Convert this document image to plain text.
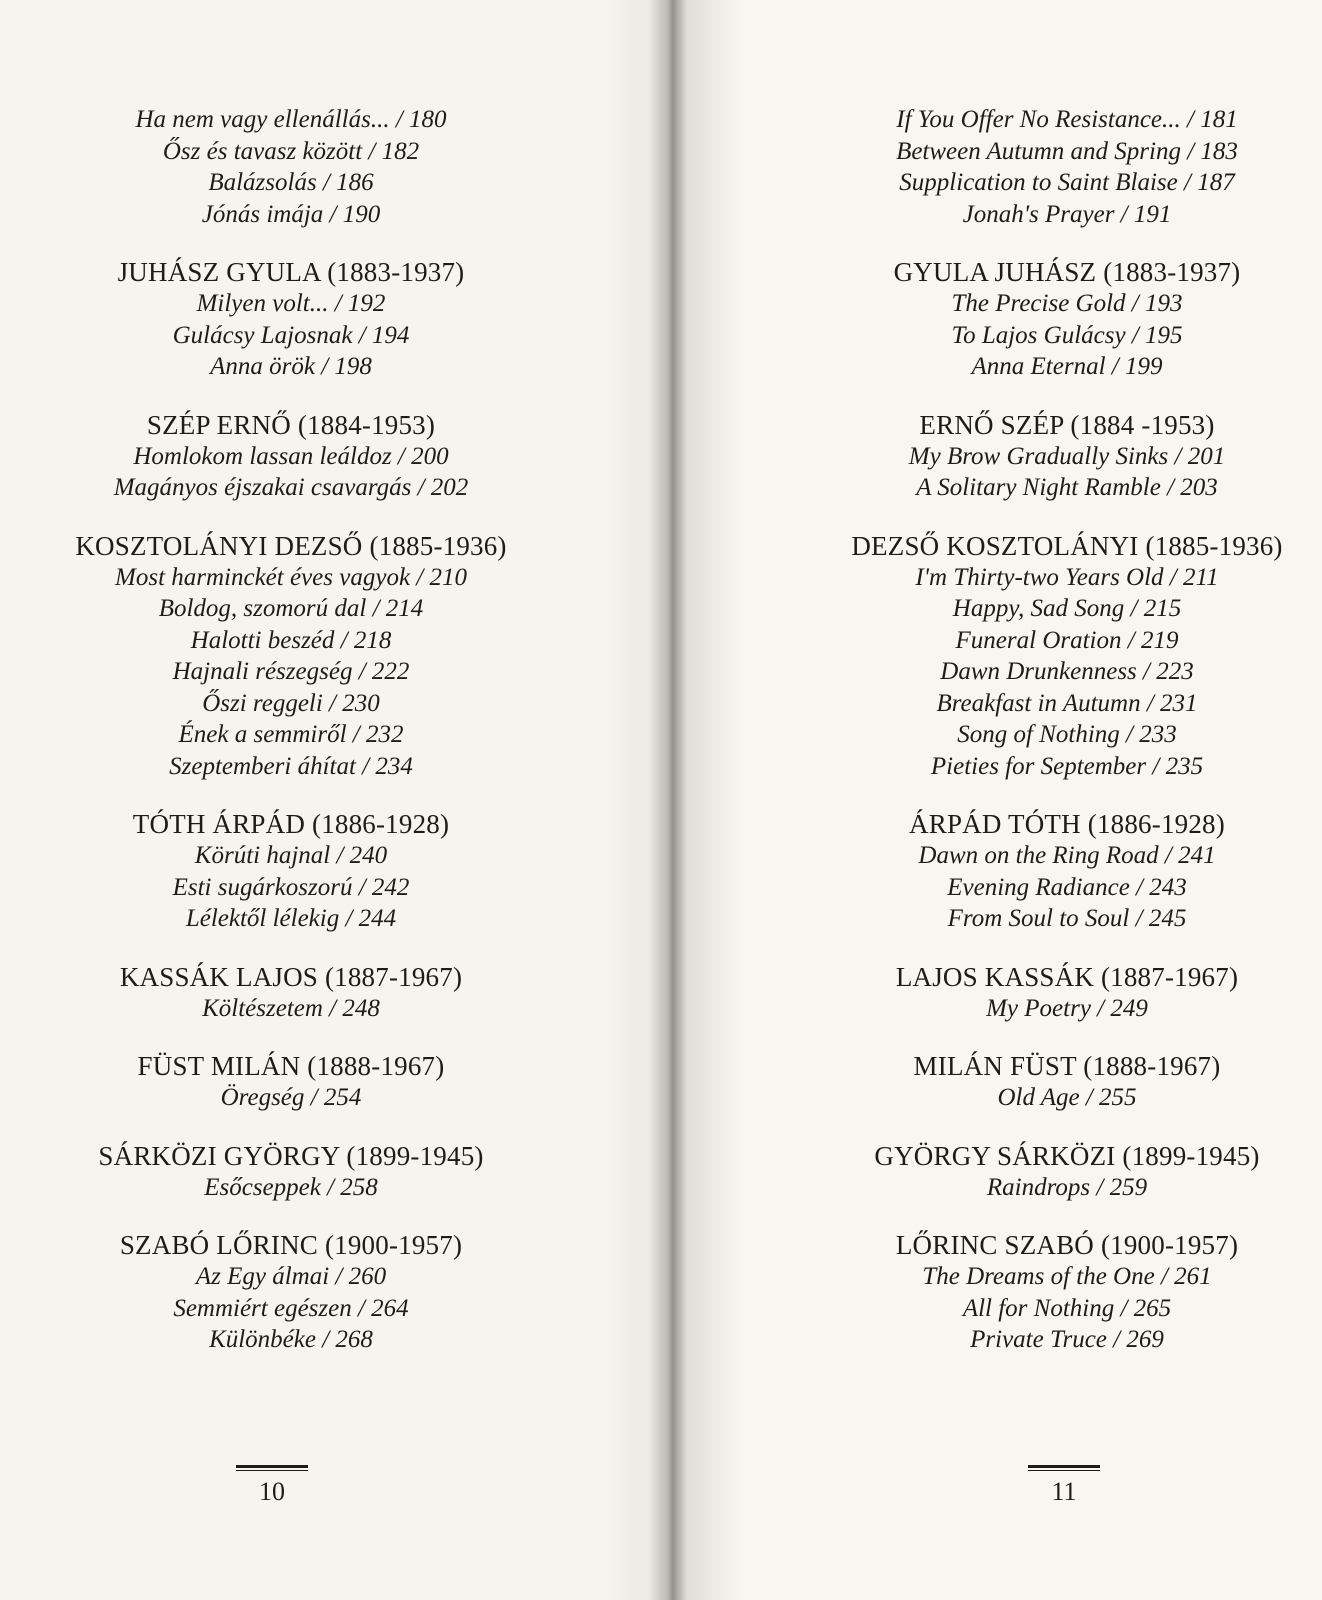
Ha nem vagy ellenállás... / 180
Ősz és tavasz között / 182
Balázsolás / 186
Jónás imája / 190
JUHÁSZ GYULA (1883-1937)
Milyen volt... / 192
Gulácsy Lajosnak / 194
Anna örök / 198
SZÉP ERNŐ (1884-1953)
Homlokom lassan leáldoz / 200
Magányos éjszakai csavargás / 202
KOSZTOLÁNYI DEZSŐ (1885-1936)
Most harminckét éves vagyok / 210
Boldog, szomorú dal / 214
Halotti beszéd / 218
Hajnali részegség / 222
Őszi reggeli / 230
Ének a semmiről / 232
Szeptemberi áhítat / 234
TÓTH ÁRPÁD (1886-1928)
Körúti hajnal / 240
Esti sugárkoszorú / 242
Lélektől lélekig / 244
KASSÁK LAJOS (1887-1967)
Költészetem / 248
FÜST MILÁN (1888-1967)
Öregség / 254
SÁRKÖZI GYÖRGY (1899-1945)
Esőcseppek / 258
SZABÓ LŐRINC (1900-1957)
Az Egy álmai / 260
Semmiért egészen / 264
Különbéke / 268
10
If You Offer No Resistance... / 181
Between Autumn and Spring / 183
Supplication to Saint Blaise / 187
Jonah's Prayer / 191
GYULA JUHÁSZ (1883-1937)
The Precise Gold / 193
To Lajos Gulácsy / 195
Anna Eternal / 199
ERNŐ SZÉP (1884 -1953)
My Brow Gradually Sinks / 201
A Solitary Night Ramble / 203
DEZSŐ KOSZTOLÁNYI (1885-1936)
I'm Thirty-two Years Old / 211
Happy, Sad Song / 215
Funeral Oration / 219
Dawn Drunkenness / 223
Breakfast in Autumn / 231
Song of Nothing / 233
Pieties for September / 235
ÁRPÁD TÓTH (1886-1928)
Dawn on the Ring Road / 241
Evening Radiance / 243
From Soul to Soul / 245
LAJOS KASSÁK (1887-1967)
My Poetry / 249
MILÁN FÜST (1888-1967)
Old Age / 255
GYÖRGY SÁRKÖZI (1899-1945)
Raindrops / 259
LŐRINC SZABÓ (1900-1957)
The Dreams of the One / 261
All for Nothing / 265
Private Truce / 269
11
